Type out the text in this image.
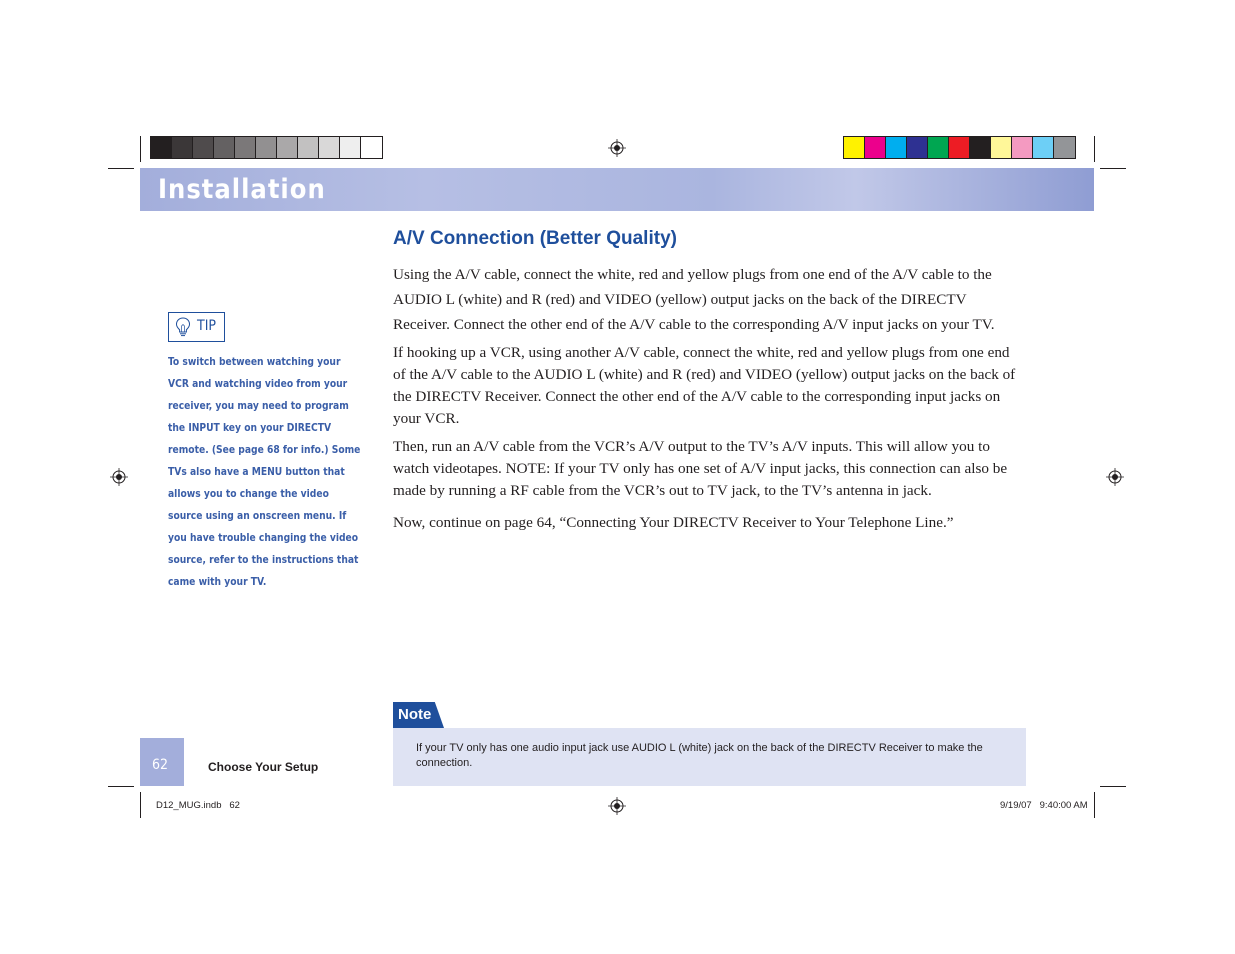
Installation
A/V Connection (Better Quality)
Using the A/V cable, connect the white, red and yellow plugs from one end of the A/V cable to the AUDIO L (white) and R (red) and VIDEO (yellow) output jacks on the back of the DIRECTV Receiver. Connect the other end of the A/V cable to the corresponding A/V input jacks on your TV.
If hooking up a VCR, using another A/V cable, connect the white, red and yellow plugs from one end of the A/V cable to the AUDIO L (white) and R (red) and VIDEO (yellow) output jacks on the back of the DIRECTV Receiver. Connect the other end of the A/V cable to the corresponding input jacks on your VCR.
Then, run an A/V cable from the VCR’s A/V output to the TV’s A/V inputs. This will allow you to watch videotapes. NOTE: If your TV only has one set of A/V input jacks, this connection can also be made by running a RF cable from the VCR’s out to TV jack, to the TV’s antenna in jack.
Now, continue on page 64, “Connecting Your DIRECTV Receiver to Your Telephone Line.”
TIP
To switch between watching your VCR and watching video from your receiver, you may need to program the INPUT key on your DIRECTV remote. (See page 68 for info.) Some TVs also have a MENU button that allows you to change the video source using an onscreen menu. If you have trouble changing the video source, refer to the instructions that came with your TV.
Note
If your TV only has one audio input jack use AUDIO L (white) jack on the back of the DIRECTV Receiver to make the connection.
62	Choose Your Setup
D12_MUG.indb   62	9/19/07   9:40:00 AM
